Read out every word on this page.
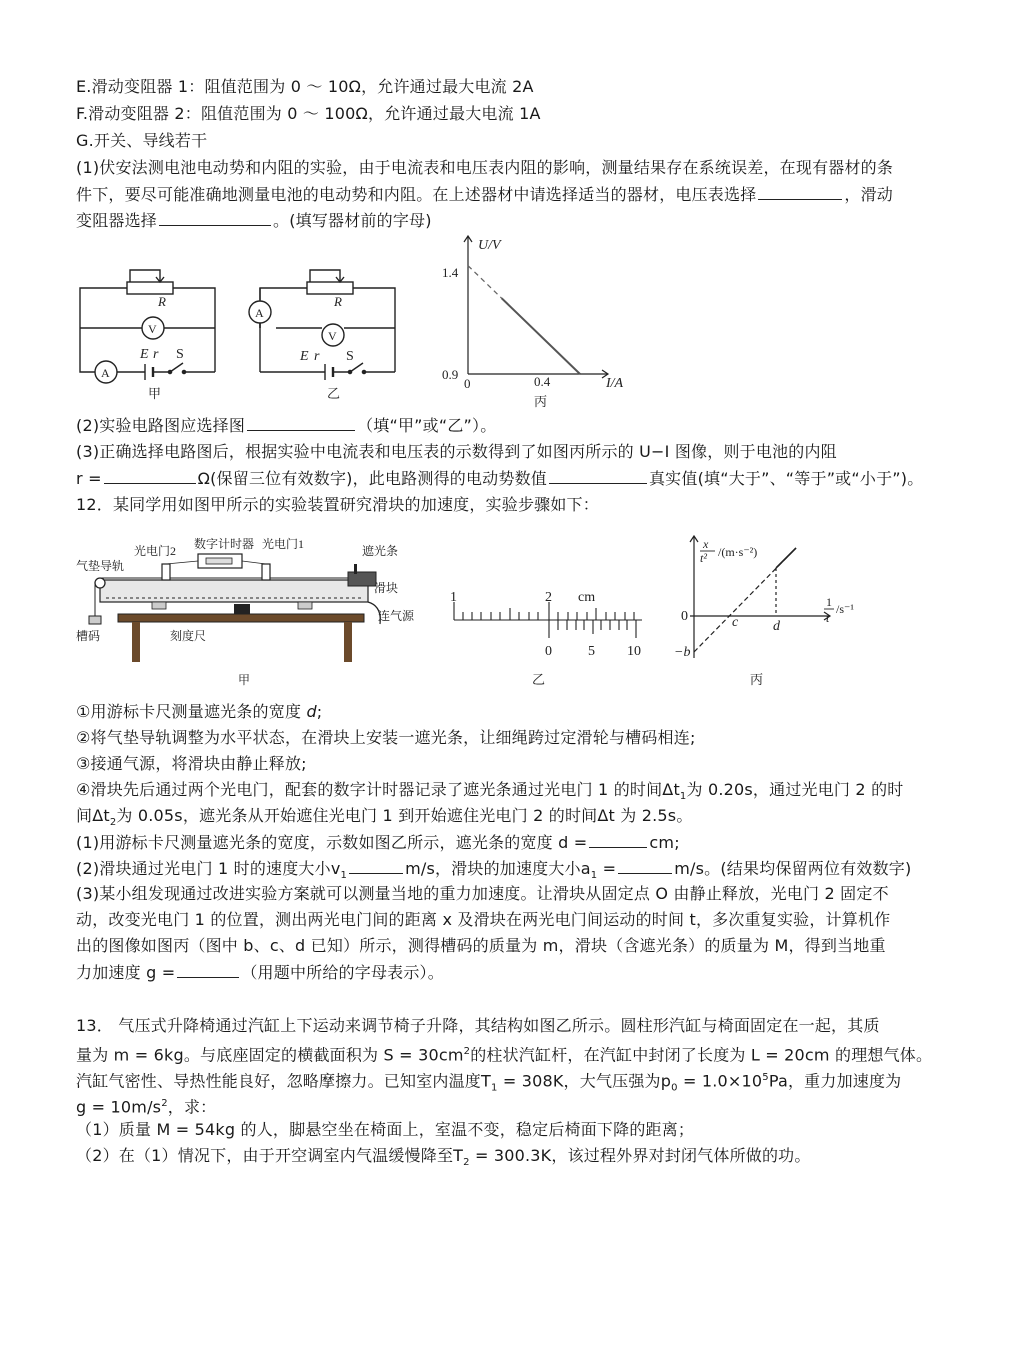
E.滑动变阻器 1：阻值范围为 0 ～ 10Ω，允许通过最大电流 2A
F.滑动变阻器 2：阻值范围为 0 ～ 100Ω，允许通过最大电流 1A
G.开关、导线若干
(1)伏安法测电池电动势和内阻的实验，由于电流表和电压表内阻的影响，测量结果存在系统误差，在现有器材的条
件下，要尽可能准确地测量电池的电动势和内阻。在上述器材中请选择适当的器材，电压表选择	，滑动
变阻器选择	。(填写器材前的字母)
R
V
A
E r S
甲
R
V
A
E r S
乙
U/V
1.4
0.9
0	0.4	I/A
丙
(2)实验电路图应选择图	（填“甲”或“乙”）。
(3)正确选择电路图后，根据实验中电流表和电压表的示数得到了如图丙所示的 U−I 图像，则于电池的内阻
r =	Ω(保留三位有效数字)，此电路测得的电动势数值	真实值(填“大于”、“等于”或“小于”)。
12．某同学用如图甲所示的实验装置研究滑块的加速度，实验步骤如下：
光电门2 数字计时器 光电门1	遮光条
气垫导轨
滑块
槽码	刻度尺
连气源
甲
1	2 cm
0	5 10
乙
x
t² /(m·s⁻²)
1
t
/s⁻¹
0	c d
−b
丙
①用游标卡尺测量遮光条的宽度 d;
②将气垫导轨调整为水平状态，在滑块上安装一遮光条，让细绳跨过定滑轮与槽码相连;
③接通气源，将滑块由静止释放;
④滑块先后通过两个光电门，配套的数字计时器记录了遮光条通过光电门 1 的时间$\Delta t_1$为 0.20s，通过光电门 2 的时
间$\Delta t_2$为 0.05s，遮光条从开始遮住光电门 1 到开始遮住光电门 2 的时间Δt 为 2.5s。
(1)用游标卡尺测量遮光条的宽度，示数如图乙所示，遮光条的宽度 d =	cm;
(2)滑块通过光电门 1 时的速度大小$v_1$	m/s，滑块的加速度大小$a_1$ =	m/s。(结果均保留两位有效数字)
(3)某小组发现通过改进实验方案就可以测量当地的重力加速度。让滑块从固定点 O 由静止释放，光电门 2 固定不
动，改变光电门 1 的位置，测出两光电门间的距离 x 及滑块在两光电门间运动的时间 t，多次重复实验，计算机作
出的图像如图丙（图中 b、c、d 已知）所示，测得槽码的质量为 m，滑块（含遮光条）的质量为 M，得到当地重
力加速度 g =	（用题中所给的字母表示）。
13． 气压式升降椅通过汽缸上下运动来调节椅子升降，其结构如图乙所示。圆柱形汽缸与椅面固定在一起，其质
量为 m = 6kg。与底座固定的横截面积为 $S = 30cm^2$的柱状汽缸杆，在汽缸中封闭了长度为 L = 20cm 的理想气体。
汽缸气密性、导热性能良好，忽略摩擦力。已知室内温度$T_1 = 308K$，大气压强为$p_0 = 1.0\times 10^5Pa$，重力加速度为
$g = 10m/s^2$，求：
（1）质量 M = 54kg 的人，脚悬空坐在椅面上，室温不变，稳定后椅面下降的距离；
（2）在（1）情况下，由于开空调室内气温缓慢降至$T_2 = 300.3K$，该过程外界对封闭气体所做的功。
